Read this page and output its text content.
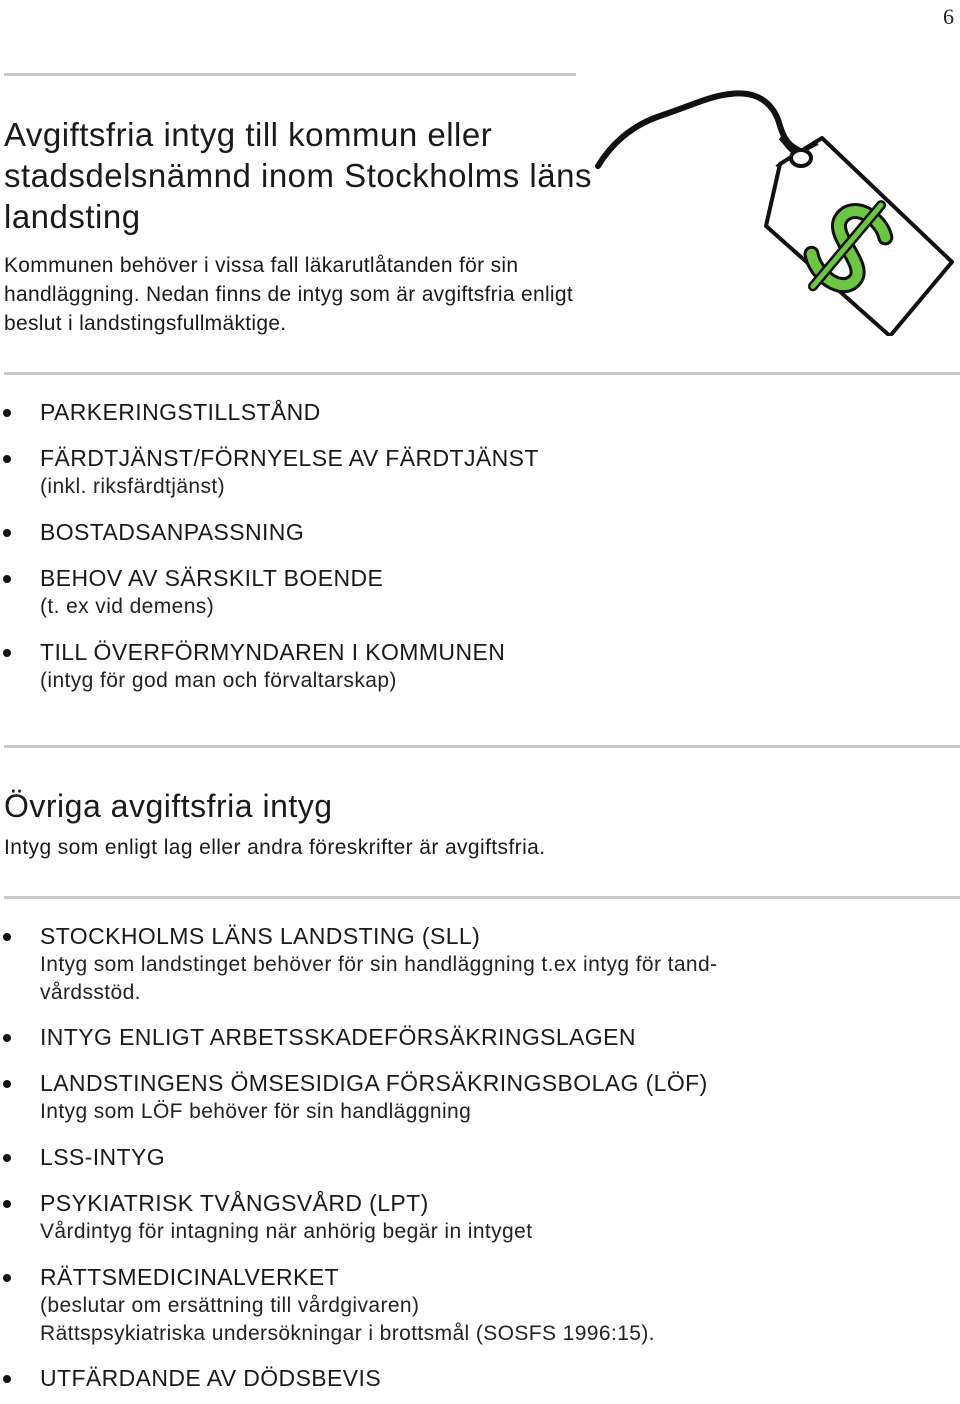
6
Avgiftsfria intyg till kommun eller stadsdelsnämnd inom Stockholms läns landsting
Kommunen behöver i vissa fall läkarutlåtanden för sin handläggning. Nedan finns de intyg som är avgiftsfria enligt beslut i landstingsfullmäktige.
PARKERINGSTILLSTÅND
FÄRDTJÄNST/FÖRNYELSE AV FÄRDTJÄNST
(inkl. riksfärdtjänst)
BOSTADSANPASSNING
BEHOV AV SÄRSKILT BOENDE
(t. ex vid demens)
TILL ÖVERFÖRMYNDAREN I KOMMUNEN
(intyg för god man och förvaltarskap)
Övriga avgiftsfria intyg
Intyg som enligt lag eller andra föreskrifter är avgiftsfria.
STOCKHOLMS LÄNS LANDSTING (SLL)
Intyg som landstinget behöver för sin handläggning t.ex intyg för tand-
vårdsstöd.
INTYG ENLIGT ARBETSSKADEFÖRSÄKRINGSLAGEN
LANDSTINGENS ÖMSESIDIGA FÖRSÄKRINGSBOLAG (LÖF)
Intyg som LÖF behöver för sin handläggning
LSS-INTYG
PSYKIATRISK TVÅNGSVÅRD (LPT)
Vårdintyg för intagning när anhörig begär in intyget
RÄTTSMEDICINALVERKET
(beslutar om ersättning till vårdgivaren)
Rättspsykiatriska undersökningar i brottsmål (SOSFS 1996:15).
UTFÄRDANDE AV DÖDSBEVIS
